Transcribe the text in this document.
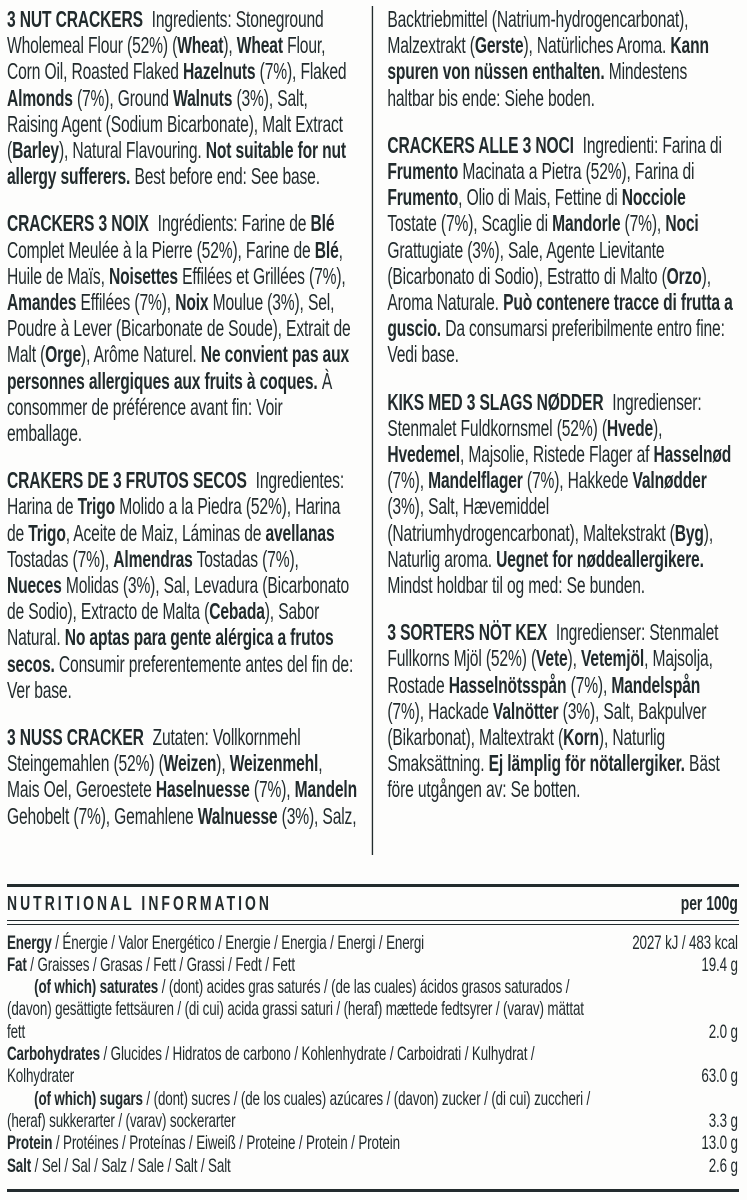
3 NUT CRACKERS Ingredients: Stoneground Wholemeal Flour (52%) (Wheat), Wheat Flour, Corn Oil, Roasted Flaked Hazelnuts (7%), Flaked Almonds (7%), Ground Walnuts (3%), Salt, Raising Agent (Sodium Bicarbonate), Malt Extract (Barley), Natural Flavouring. Not suitable for nut allergy sufferers. Best before end: See base.

CRACKERS 3 NOIX Ingrédients: Farine de Blé Complet Meulée à la Pierre (52%), Farine de Blé, Huile de Maïs, Noisettes Effilées et Grillées (7%), Amandes Effilées (7%), Noix Moulue (3%), Sel, Poudre à Lever (Bicarbonate de Soude), Extrait de Malt (Orge), Arôme Naturel. Ne convient pas aux personnes allergiques aux fruits à coques. À consommer de préférence avant fin: Voir emballage.

CRAKERS DE 3 FRUTOS SECOS Ingredientes: Harina de Trigo Molido a la Piedra (52%), Harina de Trigo, Aceite de Maiz, Láminas de avellanas Tostadas (7%), Almendras Tostadas (7%), Nueces Molidas (3%), Sal, Levadura (Bicarbonato de Sodio), Extracto de Malta (Cebada), Sabor Natural. No aptas para gente alérgica a frutos secos. Consumir preferentemente antes del fin de: Ver base.

3 NUSS CRACKER Zutaten: Vollkornmehl Steingemahlen (52%) (Weizen), Weizenmehl, Mais Oel, Geroestete Haselnuesse (7%), Mandeln Gehobelt (7%), Gemahlene Walnuesse (3%), Salz, Backtriebmittel (Natrium-hydrogencarbonat), Malzextrakt (Gerste), Natürliches Aroma. Kann spuren von nüssen enthalten. Mindestens haltbar bis ende: Siehe boden.

CRACKERS ALLE 3 NOCI Ingredienti: Farina di Frumento Macinata a Pietra (52%), Farina di Frumento, Olio di Mais, Fettine di Nocciole Tostate (7%), Scaglie di Mandorle (7%), Noci Grattugiate (3%), Sale, Agente Lievitante (Bicarbonato di Sodio), Estratto di Malto (Orzo), Aroma Naturale. Può contenere tracce di frutta a guscio. Da consumarsi preferibilmente entro fine: Vedi base.

KIKS MED 3 SLAGS NØDDER Ingredienser: Stenmalet Fuldkornsmel (52%) (Hvede), Hvedemel, Majsolie, Ristede Flager af Hasselnød (7%), Mandelflager (7%), Hakkede Valnødder (3%), Salt, Hævemiddel (Natriumhydrogencarbonat), Maltekstrakt (Byg), Naturlig aroma. Uegnet for nøddeallergikere. Mindst holdbar til og med: Se bunden.

3 SORTERS NÖT KEX Ingredienser: Stenmalet Fullkorns Mjöl (52%) (Vete), Vetemjöl, Majsolja, Rostade Hasselnötsspån (7%), Mandelspån (7%), Hackade Valnötter (3%), Salt, Bakpulver (Bikarbonat), Maltextrakt (Korn), Naturlig Smaksättning. Ej lämplig för nötallergiker. Bäst före utgången av: Se botten.

NUTRITIONAL INFORMATION	per 100g
Energy / Énergie / Valor Energético / Energie / Energia / Energi / Energi	2027 kJ / 483 kcal
Fat / Graisses / Grasas / Fett / Grassi / Fedt / Fett	19.4 g
(of which) saturates / (dont) acides gras saturés / (de las cuales) ácidos grasos saturados / (davon) gesättigte fettsäuren / (di cui) acida grassi saturi / (heraf) mættede fedtsyrer / (varav) mättat fett	2.0 g
Carbohydrates / Glucides / Hidratos de carbono / Kohlenhydrate / Carboidrati / Kulhydrat / Kolhydrater	63.0 g
(of which) sugars / (dont) sucres / (de los cuales) azúcares / (davon) zucker / (di cui) zuccheri / (heraf) sukkerarter / (varav) sockerarter	3.3 g
Protein / Protéines / Proteínas / Eiweiß / Proteine / Protein / Protein	13.0 g
Salt / Sel / Sal / Salz / Sale / Salt / Salt	2.6 g
